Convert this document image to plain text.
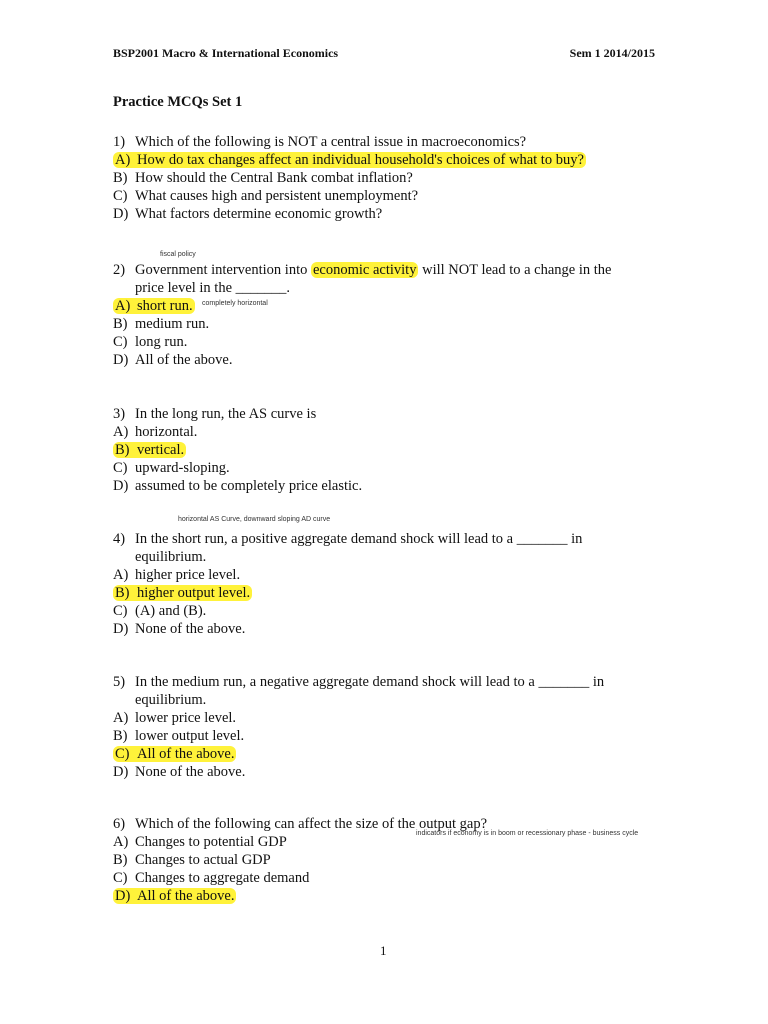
BSP2001 Macro & International Economics	Sem 1 2014/2015
Practice MCQs Set 1
1) Which of the following is NOT a central issue in macroeconomics?
A) How do tax changes affect an individual household's choices of what to buy?
B) How should the Central Bank combat inflation?
C) What causes high and persistent unemployment?
D) What factors determine economic growth?
fiscal policy
2) Government intervention into economic activity will NOT lead to a change in the
price level in the _______.
A) short run. completely horizontal
B) medium run.
C) long run.
D) All of the above.
3) In the long run, the AS curve is
A) horizontal.
B) vertical.
C) upward-sloping.
D) assumed to be completely price elastic.
horizontal AS Curve, downward sloping AD curve
4) In the short run, a positive aggregate demand shock will lead to a _______ in
equilibrium.
A) higher price level.
B) higher output level.
C) (A) and (B).
D) None of the above.
5) In the medium run, a negative aggregate demand shock will lead to a _______ in
equilibrium.
A) lower price level.
B) lower output level.
C) All of the above.
D) None of the above.
6) Which of the following can affect the size of the output gap?
indicators if economy is in boom or recessionary phase - business cycle
A) Changes to potential GDP
B) Changes to actual GDP
C) Changes to aggregate demand
D) All of the above.
1
